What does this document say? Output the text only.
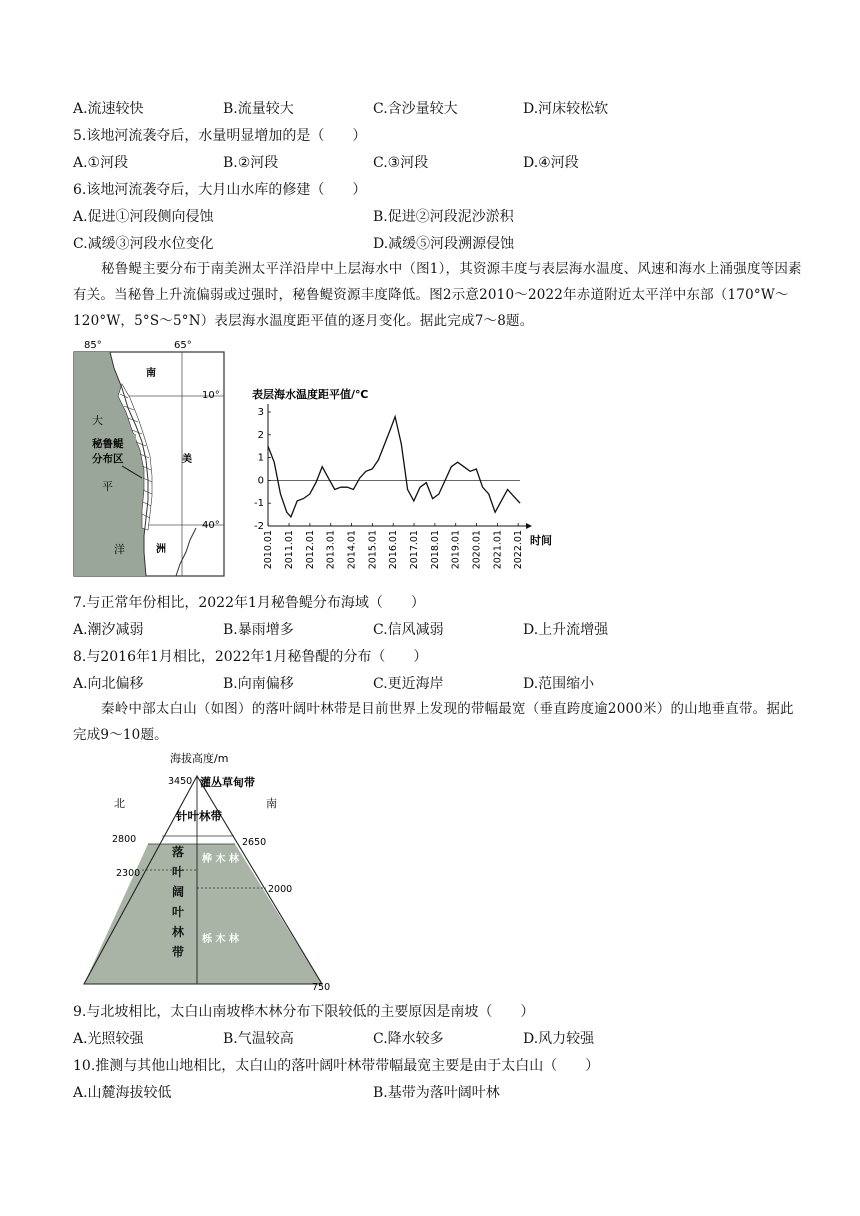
A.流速较快	B.流量较大	C.含沙量较大	D.河床较松软
5.该地河流袭夺后，水量明显增加的是（　　）
A.①河段	B.②河段	C.③河段	D.④河段
6.该地河流袭夺后，大月山水库的修建（　　）
A.促进①河段侧向侵蚀	B.促进②河段泥沙淤积
C.减缓③河段水位变化	D.减缓⑤河段溯源侵蚀
秘鲁鳀主要分布于南美洲太平洋沿岸中上层海水中（图1），其资源丰度与表层海水温度、风速和海水上涌强度等因素有关。当秘鲁上升流偏弱或过强时，秘鲁鳀资源丰度降低。图2示意2010～2022年赤道附近太平洋中东部（170°W～120°W，5°S～5°N）表层海水温度距平值的逐月变化。据此完成7～8题。
85°	65°
10°
40°
南
大
平
洋	洲
美
秘鲁鳀
分布区
表层海水温度距平值/℃
3
2
1
0
-1
-2
2010.01 2011.01 2012.01 2013.01 2014.01 2015.01 2016.01 2017.01 2018.01 2019.01 2020.01 2021.01 2022.01 时间
7.与正常年份相比，2022年1月秘鲁鳀分布海域（　　）
A.潮汐减弱	B.暴雨增多	C.信风减弱	D.上升流增强
8.与2016年1月相比，2022年1月秘鲁醍的分布（　　）
A.向北偏移	B.向南偏移	C.更近海岸	D.范围缩小
秦岭中部太白山（如图）的落叶阔叶林带是目前世界上发现的带幅最宽（垂直跨度逾2000米）的山地垂直带。据此完成9～10题。
海拔高度/m
灌丛草甸带
3450
北	南
针叶林带
2800	2650
桦 木 林
2300
2000
栎 木 林
750
落
叶
阔
叶
林
带
9.与北坡相比，太白山南坡桦木林分布下限较低的主要原因是南坡（　　）
A.光照较强	B.气温较高	C.降水较多	D.风力较强
10.推测与其他山地相比，太白山的落叶阔叶林带带幅最宽主要是由于太白山（　　）
A.山麓海拔较低	B.基带为落叶阔叶林
